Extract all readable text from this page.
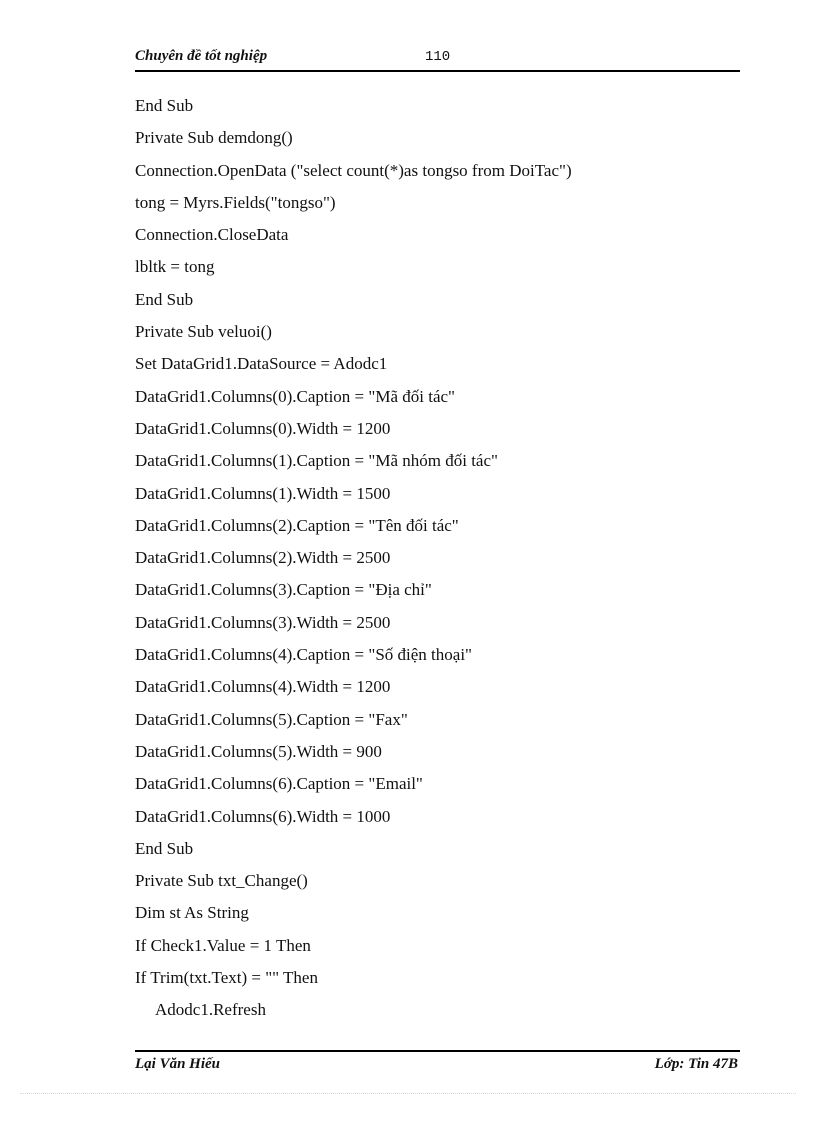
Chuyên đề tốt nghiệp	110
End Sub
Private Sub demdong()
Connection.OpenData ("select count(*)as tongso from DoiTac")
tong = Myrs.Fields("tongso")
Connection.CloseData
lbltk = tong
End Sub
Private Sub veluoi()
Set DataGrid1.DataSource = Adodc1
DataGrid1.Columns(0).Caption = "Mã đối tác"
DataGrid1.Columns(0).Width = 1200
DataGrid1.Columns(1).Caption = "Mã nhóm đối tác"
DataGrid1.Columns(1).Width = 1500
DataGrid1.Columns(2).Caption = "Tên đối tác"
DataGrid1.Columns(2).Width = 2500
DataGrid1.Columns(3).Caption = "Địa chỉ"
DataGrid1.Columns(3).Width = 2500
DataGrid1.Columns(4).Caption = "Số điện thoại"
DataGrid1.Columns(4).Width = 1200
DataGrid1.Columns(5).Caption = "Fax"
DataGrid1.Columns(5).Width = 900
DataGrid1.Columns(6).Caption = "Email"
DataGrid1.Columns(6).Width = 1000
End Sub
Private Sub txt_Change()
Dim st As String
If Check1.Value = 1 Then
If Trim(txt.Text) = "" Then
Adodc1.Refresh
Lại Văn Hiếu	Lớp: Tin 47B
